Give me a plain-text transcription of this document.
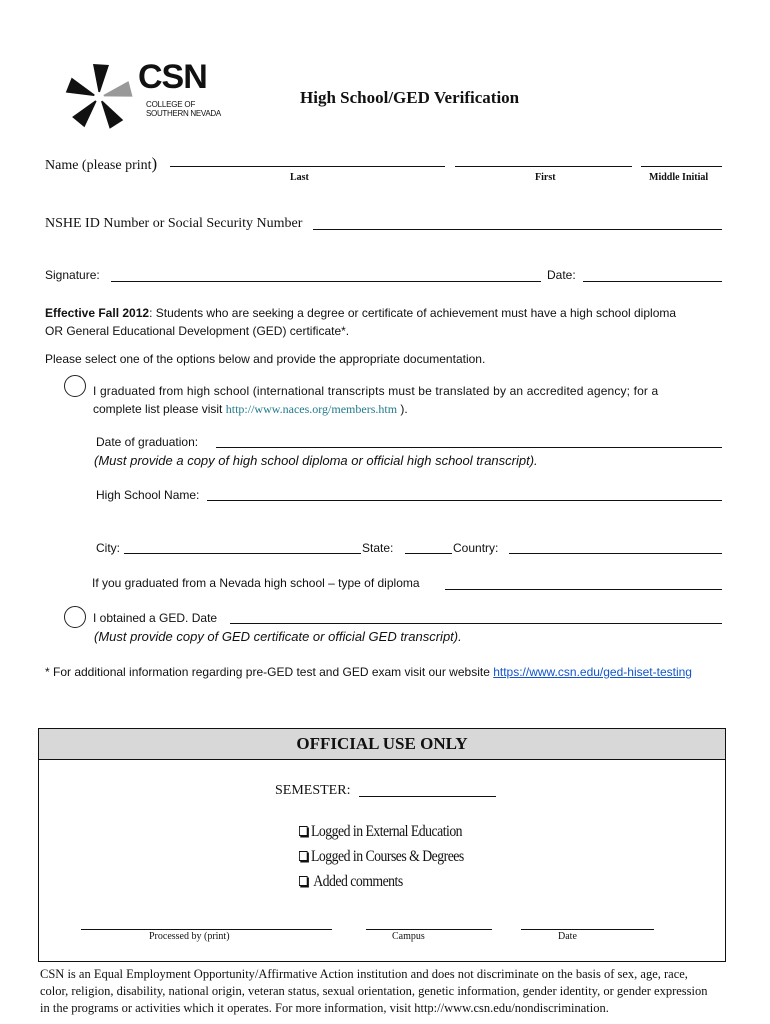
CSN
COLLEGE OF
SOUTHERN NEVADA
High School/GED Verification
Name (please print)
Last	First	Middle Initial
NSHE ID Number or Social Security Number
Signature:	Date:
Effective Fall 2012: Students who are seeking a degree or certificate of achievement must have a high school diploma
OR General Educational Development (GED) certificate*.
Please select one of the options below and provide the appropriate documentation.
I graduated from high school (international transcripts must be translated by an accredited agency; for a
complete list please visit http://www.naces.org/members.htm ).
Date of graduation:
(Must provide a copy of high school diploma or official high school transcript).
High School Name:
City:	State:	Country:
If you graduated from a Nevada high school – type of diploma
I obtained a GED. Date
(Must provide copy of GED certificate or official GED transcript).
* For additional information regarding pre-GED test and GED exam visit our website https://www.csn.edu/ged-hiset-testing
OFFICIAL USE ONLY
SEMESTER:
Logged in External Education
Logged in Courses & Degrees
Added comments
Processed by (print)	Campus	Date
CSN is an Equal Employment Opportunity/Affirmative Action institution and does not discriminate on the basis of sex, age, race,
color, religion, disability, national origin, veteran status, sexual orientation, genetic information, gender identity, or gender expression
in the programs or activities which it operates. For more information, visit http://www.csn.edu/nondiscrimination.
